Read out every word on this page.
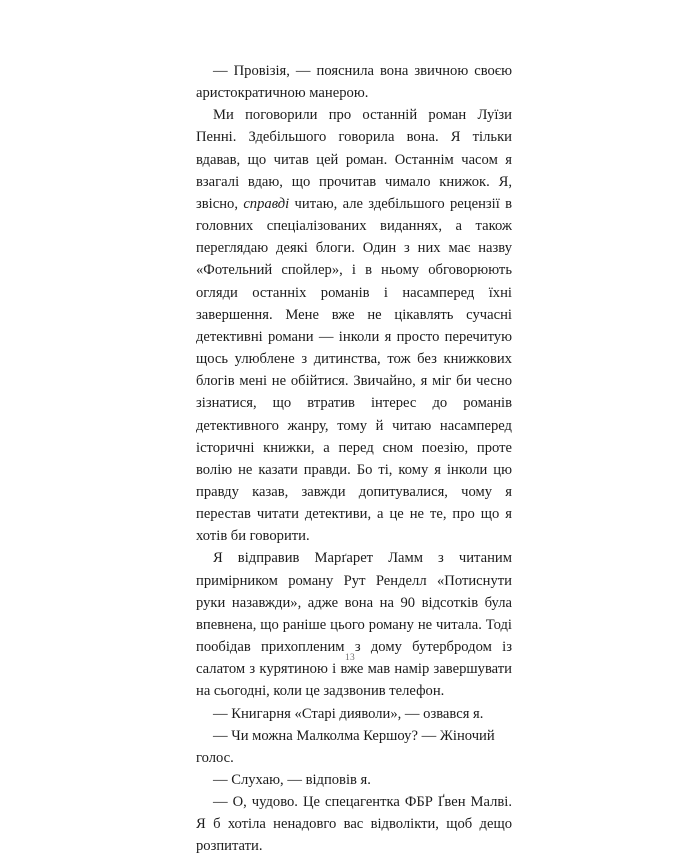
— Провізія, — пояснила вона звичною своєю аристократичною манерою.

Ми поговорили про останній роман Луїзи Пенні. Здебільшого говорила вона. Я тільки вдавав, що читав цей роман. Останнім часом я взагалі вдаю, що прочитав чимало книжок. Я, звісно, справді читаю, але здебільшого рецензії в головних спеціалізованих виданнях, а також переглядаю деякі блоги. Один з них має назву «Фотельний спойлер», і в ньому обговорюють огляди останніх романів і насамперед їхні завершення. Мене вже не цікавлять сучасні детективні романи — інколи я просто перечитую щось улюблене з дитинства, тож без книжкових блогів мені не обійтися. Звичайно, я міг би чесно зізнатися, що втратив інтерес до романів детективного жанру, тому й читаю насамперед історичні книжки, а перед сном поезію, проте волію не казати правди. Бо ті, кому я інколи цю правду казав, завжди допитувалися, чому я перестав читати детективи, а це не те, про що я хотів би говорити.

Я відправив Марґарет Ламм з читаним примірником роману Рут Ренделл «Потиснути руки назавжди», адже вона на 90 відсотків була впевнена, що раніше цього роману не читала. Тоді пообідав прихопленим з дому бутербродом із салатом з курятиною і вже мав намір завершувати на сьогодні, коли це задзвонив телефон.

— Книгарня «Старі дияволи», — озвався я.

— Чи можна Малколма Кершоу? — Жіночий голос.

— Слухаю, — відповів я.

— О, чудово. Це спецагентка ФБР Ґвен Малві. Я б хотіла ненадовго вас відволікти, щоб дещо розпитати.

13
